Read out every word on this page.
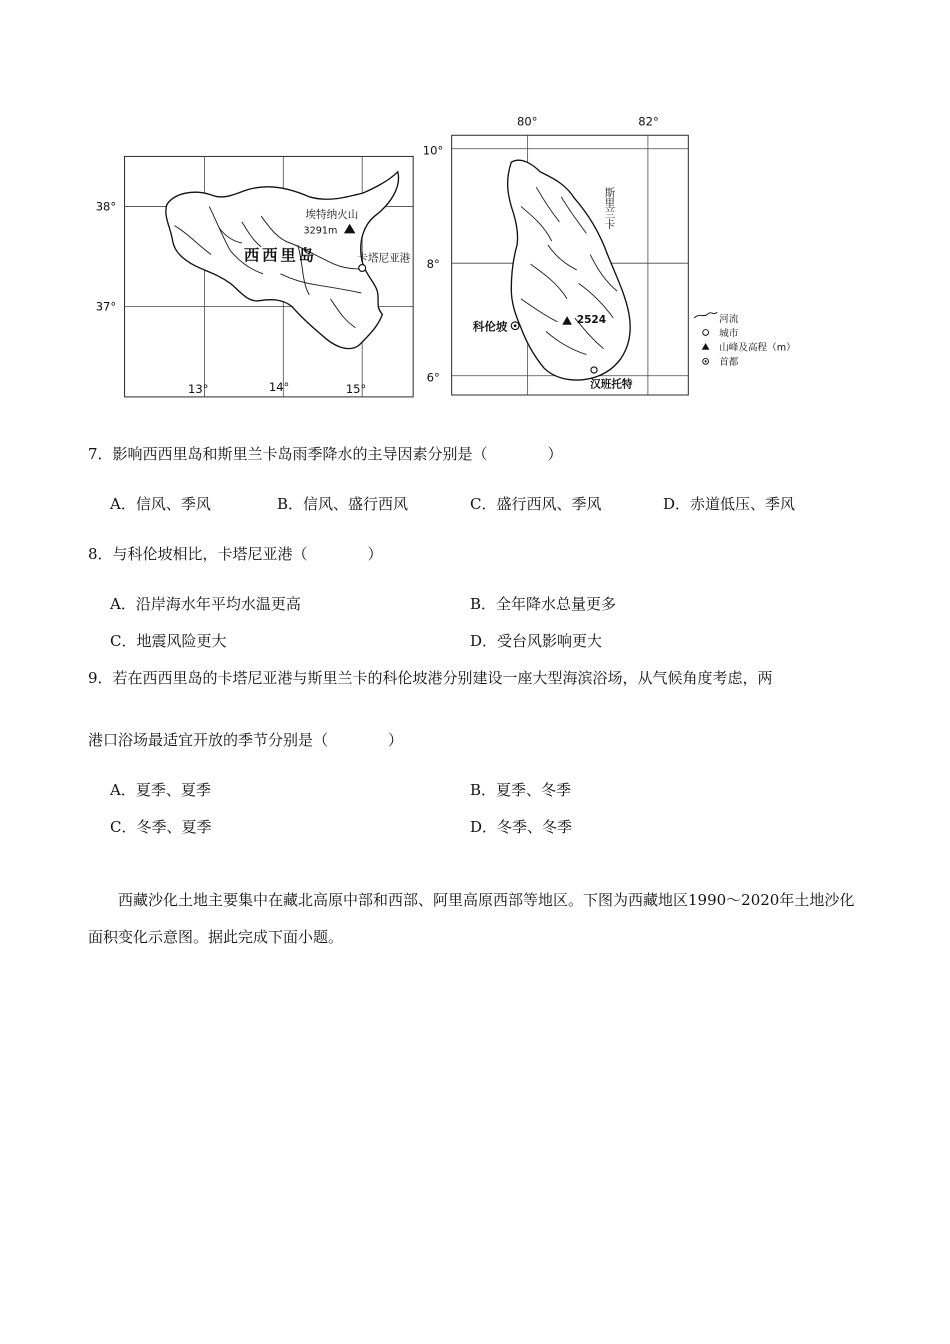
埃特纳火山
3291m
卡塔尼亚港
西西里岛
38°
37°
13°	14°	15°
科伦坡	2524
汉班托特
斯里兰卡
10°
8°
6°
80°	82°
河流
城市
山峰及高程（m）
首都
7．影响西西里岛和斯里兰卡岛雨季降水的主导因素分别是（　　　　）
A．信风、季风	B．信风、盛行西风	C．盛行西风、季风	D．赤道低压、季风
8．与科伦坡相比，卡塔尼亚港（　　　　）
A．沿岸海水年平均水温更高	B．全年降水总量更多
C．地震风险更大	D．受台风影响更大
9．若在西西里岛的卡塔尼亚港与斯里兰卡的科伦坡港分别建设一座大型海滨浴场，从气候角度考虑，两
港口浴场最适宜开放的季节分别是（　　　　）
A．夏季、夏季	B．夏季、冬季
C．冬季、夏季	D．冬季、冬季
西藏沙化土地主要集中在藏北高原中部和西部、阿里高原西部等地区。下图为西藏地区1990～2020年土地沙化面积变化示意图。据此完成下面小题。
